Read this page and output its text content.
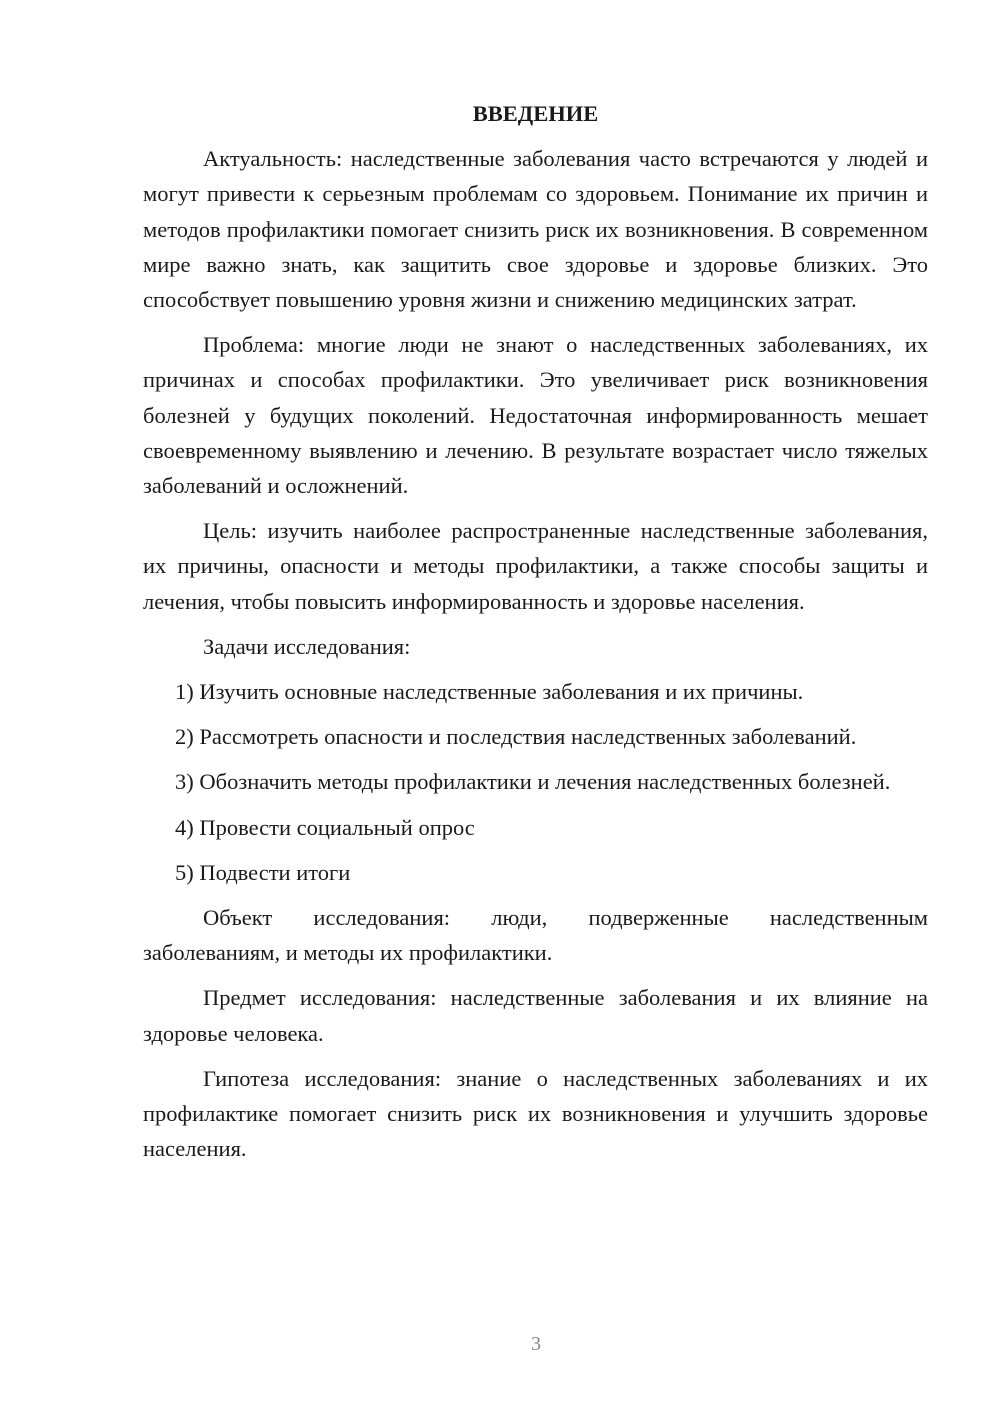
ВВЕДЕНИЕ

Актуальность: наследственные заболевания часто встречаются у людей и могут привести к серьезным проблемам со здоровьем. Понимание их причин и методов профилактики помогает снизить риск их возникновения. В современном мире важно знать, как защитить свое здоровье и здоровье близких. Это способствует повышению уровня жизни и снижению медицинских затрат.

Проблема: многие люди не знают о наследственных заболеваниях, их причинах и способах профилактики. Это увеличивает риск возникновения болезней у будущих поколений. Недостаточная информированность мешает своевременному выявлению и лечению. В результате возрастает число тяжелых заболеваний и осложнений.

Цель: изучить наиболее распространенные наследственные заболевания, их причины, опасности и методы профилактики, а также способы защиты и лечения, чтобы повысить информированность и здоровье населения.

Задачи исследования:

1) Изучить основные наследственные заболевания и их причины.

2) Рассмотреть опасности и последствия наследственных заболеваний.

3) Обозначить методы профилактики и лечения наследственных болезней.

4) Провести социальный опрос

5) Подвести итоги

Объект исследования: люди, подверженные наследственным заболеваниям, и методы их профилактики.

Предмет исследования: наследственные заболевания и их влияние на здоровье человека.

Гипотеза исследования: знание о наследственных заболеваниях и их профилактике помогает снизить риск их возникновения и улучшить здоровье населения.

3
